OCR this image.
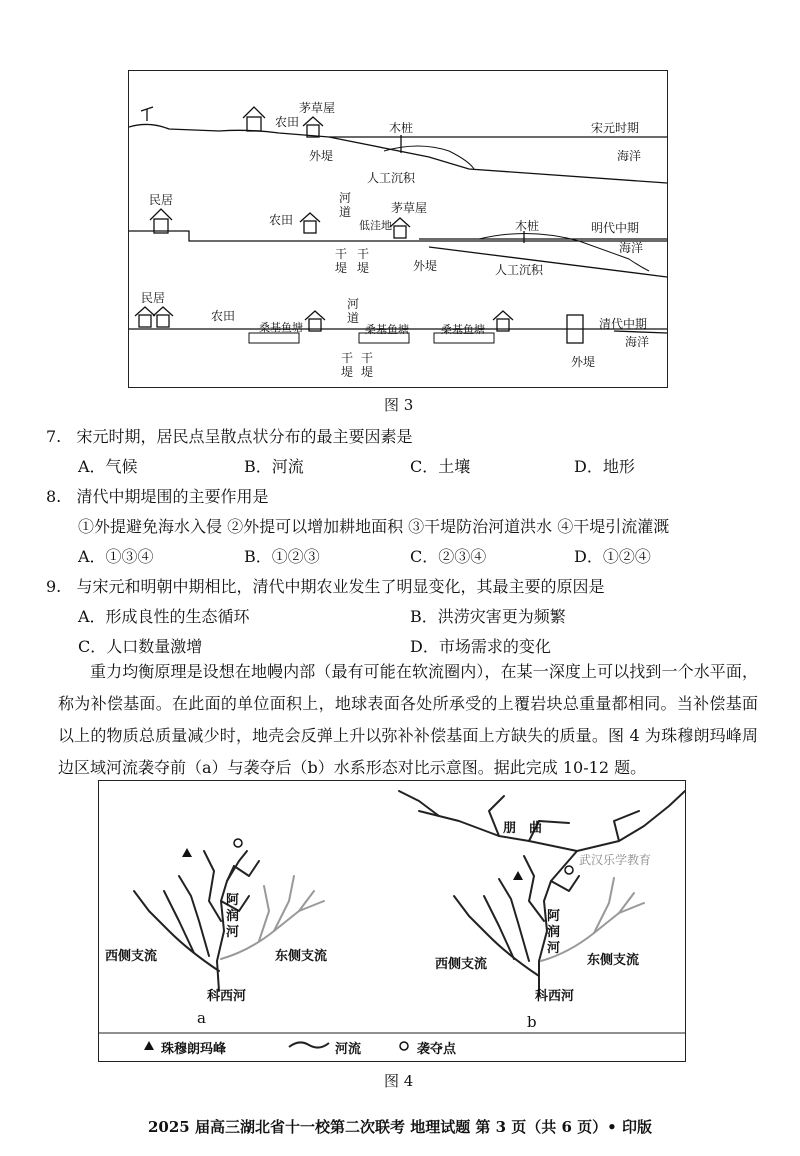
茅草屋
农田	木桩	宋元时期
海洋
外堤
人工沉积
民居
农田
河道
低洼地
茅草屋
木桩	明代中期
海洋
干堤
干堤	外堤	人工沉积
民居
农田
桑基鱼塘
河道
桑基鱼塘	桑基鱼塘	清代中期
海洋
干堤
干堤
外堤
图 3
7. 宋元时期，居民点呈散点状分布的最主要因素是
A．气候	B．河流	C．土壤	D．地形
8. 清代中期堤围的主要作用是
①外提避免海水入侵 ②外提可以增加耕地面积 ③干堤防治河道洪水 ④干堤引流灌溉
A．①③④	B．①②③	C．②③④	D．①②④
9. 与宋元和明朝中期相比，清代中期农业发生了明显变化，其最主要的原因是
A．形成良性的生态循环	B．洪涝灾害更为频繁
C．人口数量激增	D．市场需求的变化
重力均衡原理是设想在地幔内部（最有可能在软流圈内），在某一深度上可以找到一个水平面，称为补偿基面。在此面的单位面积上，地球表面各处所承受的上覆岩块总重量都相同。当补偿基面以上的物质总质量减少时，地壳会反弹上升以弥补补偿基面上方缺失的质量。图 4 为珠穆朗玛峰周边区域河流袭夺前（a）与袭夺后（b）水系形态对比示意图。据此完成 10-12 题。
西侧支流	东侧支流
阿
润
河
科西河
a
朋　曲
武汉乐学教育
西侧支流	东侧支流
阿
润
河
科西河
b
珠穆朗玛峰	河流	袭夺点
图 4
2025 届高三湖北省十一校第二次联考 地理试题 第 3 页（共 6 页）• 印版
